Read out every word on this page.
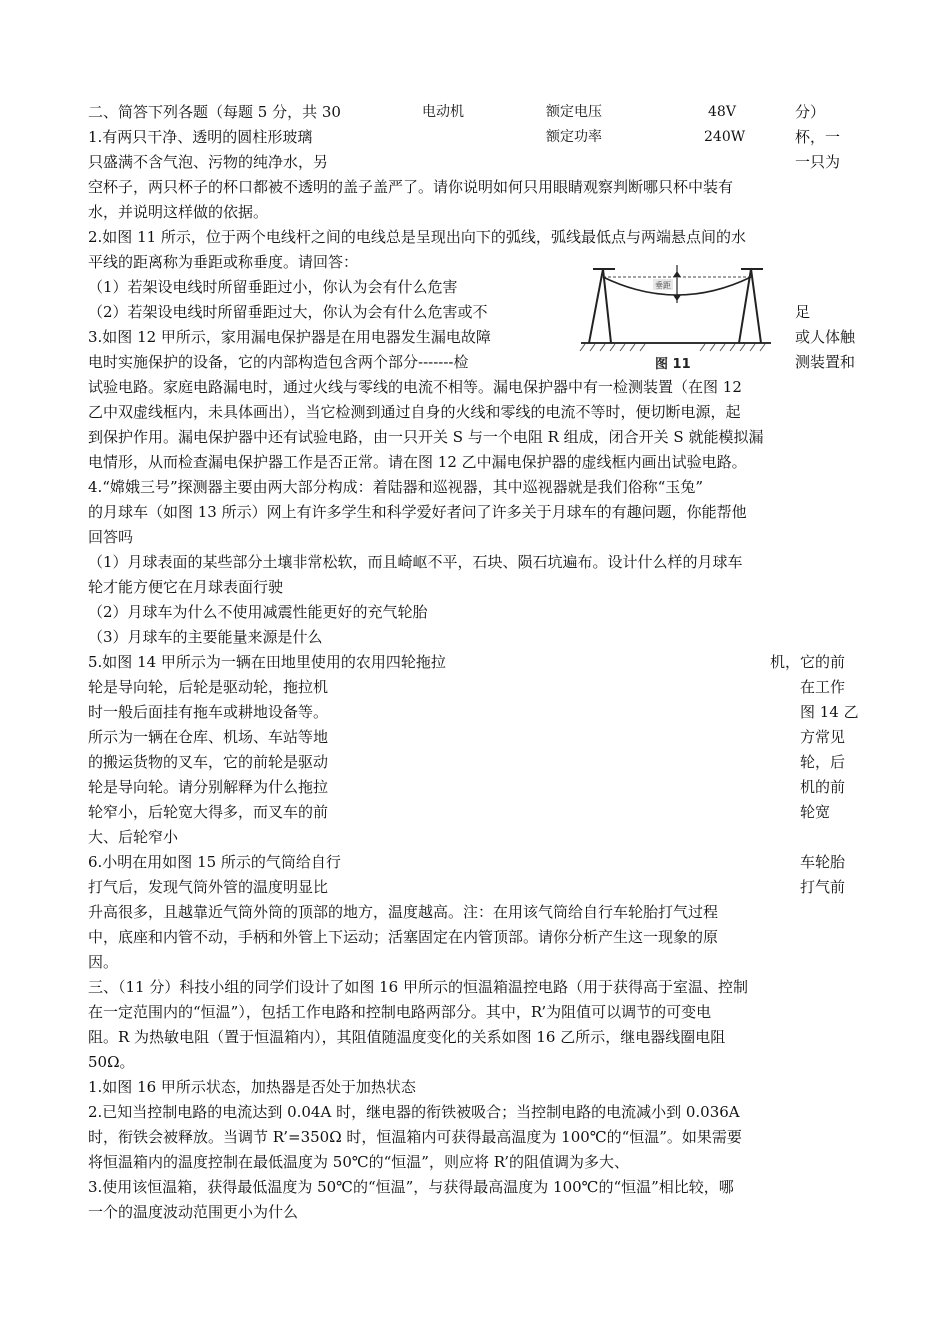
二、简答下列各题（每题 5 分，共 30
1.有两只干净、透明的圆柱形玻璃
只盛满不含气泡、污物的纯净水，另
空杯子，两只杯子的杯口都被不透明的盖子盖严了。请你说明如何只用眼睛观察判断哪只杯中装有
水，并说明这样做的依据。
2.如图 11 所示，位于两个电线杆之间的电线总是呈现出向下的弧线，弧线最低点与两端悬点间的水
平线的距离称为垂距或称垂度。请回答：
（1）若架设电线时所留垂距过小，你认为会有什么危害
（2）若架设电线时所留垂距过大，你认为会有什么危害或不
3.如图 12 甲所示，家用漏电保护器是在用电器发生漏电故障
电时实施保护的设备，它的内部构造包含两个部分-------检
试验电路。家庭电路漏电时，通过火线与零线的电流不相等。漏电保护器中有一检测装置（在图 12
乙中双虚线框内，未具体画出），当它检测到通过自身的火线和零线的电流不等时，便切断电源，起
到保护作用。漏电保护器中还有试验电路，由一只开关 S 与一个电阻 R 组成，闭合开关 S 就能模拟漏
电情形，从而检查漏电保护器工作是否正常。请在图 12 乙中漏电保护器的虚线框内画出试验电路。
4.“嫦娥三号”探测器主要由两大部分构成：着陆器和巡视器，其中巡视器就是我们俗称“玉兔”
的月球车（如图 13 所示）网上有许多学生和科学爱好者问了许多关于月球车的有趣问题，你能帮他
回答吗
（1）月球表面的某些部分土壤非常松软，而且崎岖不平，石块、陨石坑遍布。设计什么样的月球车
轮才能方便它在月球表面行驶
（2）月球车为什么不使用减震性能更好的充气轮胎
（3）月球车的主要能量来源是什么
5.如图 14 甲所示为一辆在田地里使用的农用四轮拖拉
轮是导向轮，后轮是驱动轮，拖拉机
时一般后面挂有拖车或耕地设备等。
所示为一辆在仓库、机场、车站等地
的搬运货物的叉车，它的前轮是驱动
轮是导向轮。请分别解释为什么拖拉
轮窄小，后轮宽大得多，而叉车的前
大、后轮窄小
6.小明在用如图 15 所示的气筒给自行
打气后，发现气筒外管的温度明显比
升高很多，且越靠近气筒外筒的顶部的地方，温度越高。注：在用该气筒给自行车轮胎打气过程
中，底座和内管不动，手柄和外管上下运动；活塞固定在内管顶部。请你分析产生这一现象的原
因。
三、（11 分）科技小组的同学们设计了如图 16 甲所示的恒温箱温控电路（用于获得高于室温、控制
在一定范围内的“恒温”），包括工作电路和控制电路两部分。其中，R’为阻值可以调节的可变电
阻。R 为热敏电阻（置于恒温箱内），其阻值随温度变化的关系如图 16 乙所示，继电器线圈电阻
50Ω。
1.如图 16 甲所示状态，加热器是否处于加热状态
2.已知当控制电路的电流达到 0.04A 时，继电器的衔铁被吸合；当控制电路的电流减小到 0.036A
时，衔铁会被释放。当调节 R’=350Ω 时，恒温箱内可获得最高温度为 100℃的“恒温”。如果需要
将恒温箱内的温度控制在最低温度为 50℃的“恒温”，则应将 R’的阻值调为多大、
3.使用该恒温箱，获得最低温度为 50℃的“恒温”，与获得最高温度为 100℃的“恒温”相比较，哪
一个的温度波动范围更小为什么
分）
杯，一
一只为
足
或人体触
测装置和
机，它的前
在工作
图 14 乙
方常见
轮，后
机的前
轮宽
车轮胎
打气前
电动机	额定电压	48V
额定功率	240W
垂距
图 11
